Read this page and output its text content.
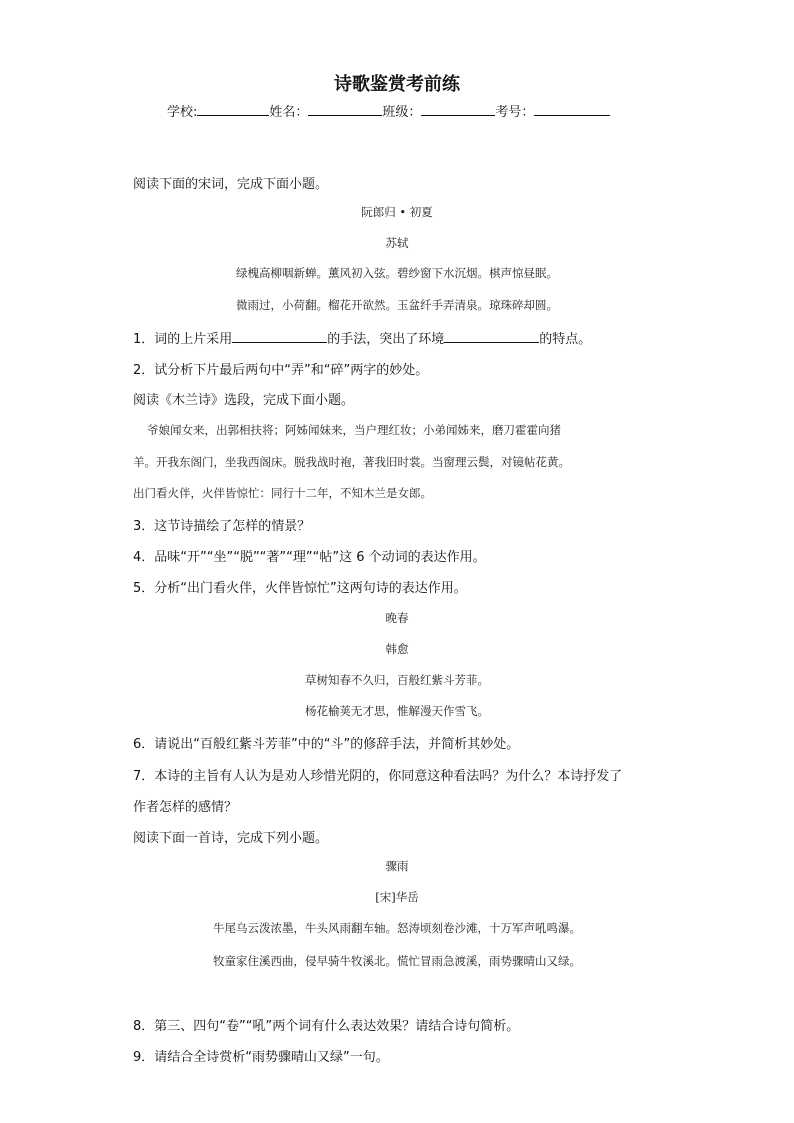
诗歌鉴赏考前练
学校:	姓名：	班级：	考号：
阅读下面的宋词，完成下面小题。
阮郎归 • 初夏
苏轼
绿槐高柳咽新蝉。薰风初入弦。碧纱窗下水沉烟。棋声惊昼眠。
微雨过，小荷翻。榴花开欲然。玉盆纤手弄清泉。琼珠碎却圆。
1．词的上片采用	的手法，突出了环境	的特点。
2．试分析下片最后两句中“弄”和“碎”两字的妙处。
阅读《木兰诗》选段，完成下面小题。
爷娘闻女来，出郭相扶将；阿姊闻妹来，当户理红妆；小弟闻姊来，磨刀霍霍向猪
羊。开我东阁门，坐我西阁床。脱我战时袍，著我旧时裳。当窗理云鬓，对镜帖花黄。
出门看火伴，火伴皆惊忙：同行十二年，不知木兰是女郎。
3．这节诗描绘了怎样的情景？
4．品味“开”“坐”“脱”“著”“理”“帖”这 6 个动词的表达作用。
5．分析“出门看火伴，火伴皆惊忙”这两句诗的表达作用。
晚春
韩愈
草树知春不久归，百般红紫斗芳菲。
杨花榆荚无才思，惟解漫天作雪飞。
6．请说出“百般红紫斗芳菲”中的“斗”的修辞手法，并简析其妙处。
7．本诗的主旨有人认为是劝人珍惜光阴的，你同意这种看法吗？为什么？本诗抒发了
作者怎样的感情？
阅读下面一首诗，完成下列小题。
骤雨
[宋]华岳
牛尾乌云泼浓墨，牛头风雨翻车轴。怒涛顷刻卷沙滩，十万军声吼鸣瀑。
牧童家住溪西曲，侵早骑牛牧溪北。慌忙冒雨急渡溪，雨势骤晴山又绿。
8．第三、四句“卷”“吼”两个词有什么表达效果？请结合诗句简析。
9．请结合全诗赏析“雨势骤晴山又绿”一句。
